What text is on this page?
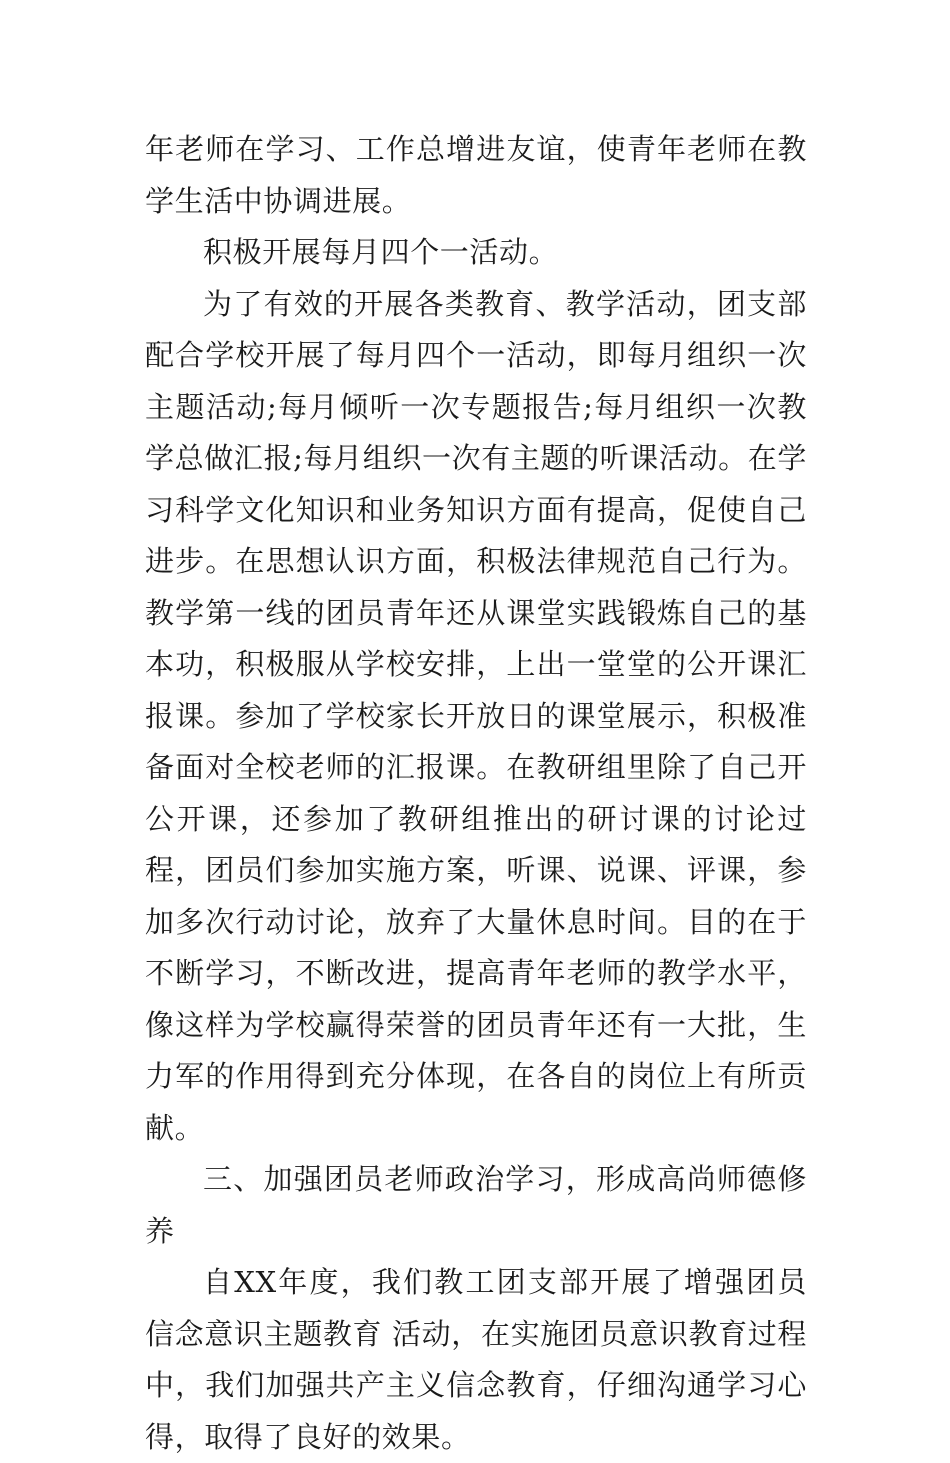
年老师在学习、工作总增进友谊，使青年老师在教学生活中协调进展。

积极开展每月四个一活动。

为了有效的开展各类教育、教学活动，团支部配合学校开展了每月四个一活动，即每月组织一次主题活动;每月倾听一次专题报告;每月组织一次教学总做汇报;每月组织一次有主题的听课活动。在学习科学文化知识和业务知识方面有提高，促使自己进步。在思想认识方面，积极法律规范自己行为。教学第一线的团员青年还从课堂实践锻炼自己的基本功，积极服从学校安排，上出一堂堂的公开课汇报课。参加了学校家长开放日的课堂展示，积极准备面对全校老师的汇报课。在教研组里除了自己开公开课，还参加了教研组推出的研讨课的讨论过程，团员们参加实施方案，听课、说课、评课，参加多次行动讨论，放弃了大量休息时间。目的在于不断学习，不断改进，提高青年老师的教学水平，像这样为学校赢得荣誉的团员青年还有一大批，生力军的作用得到充分体现，在各自的岗位上有所贡献。

三、加强团员老师政治学习，形成高尚师德修养

自XX年度，我们教工团支部开展了增强团员信念意识主题教育 活动，在实施团员意识教育过程中，我们加强共产主义信念教育，仔细沟通学习心得，取得了良好的效果。
